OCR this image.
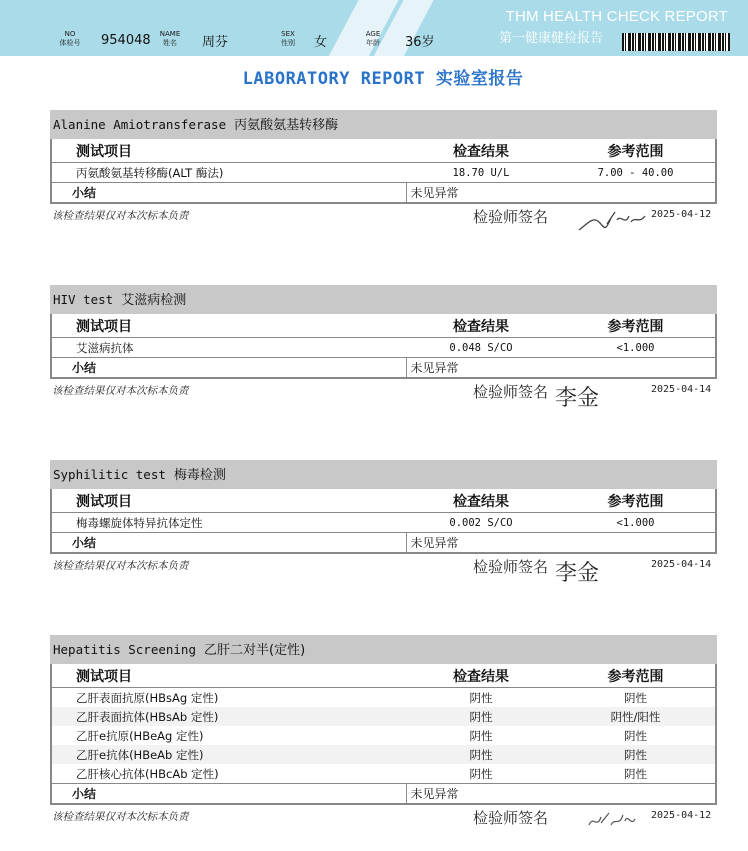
NO
体检号	954048	NAME
姓名	周芬
SEX
性别	女
AGE
年龄	36岁
THM HEALTH CHECK REPORT
第一健康健检报告
LABORATORY REPORT 实验室报告
Alanine Amiotransferase 丙氨酸氨基转移酶
测试项目	检查结果	参考范围
丙氨酸氨基转移酶(ALT 酶法)	18.70 U/L	7.00 - 40.00
小结	未见异常	
该检查结果仅对本次标本负责	检验师签名	2025-04-12
HIV test 艾滋病检测
测试项目	检查结果	参考范围
艾滋病抗体	0.048 S/CO	<1.000
小结	未见异常	
该检查结果仅对本次标本负责	检验师签名 李金	2025-04-14
Syphilitic test 梅毒检测
测试项目	检查结果	参考范围
梅毒螺旋体特异抗体定性	0.002 S/CO	<1.000
小结	未见异常	
该检查结果仅对本次标本负责	检验师签名 李金	2025-04-14
Hepatitis Screening 乙肝二对半(定性)
测试项目	检查结果	参考范围
乙肝表面抗原(HBsAg 定性)	阴性	阴性
乙肝表面抗体(HBsAb 定性)	阴性	阴性/阳性
乙肝e抗原(HBeAg 定性)	阴性	阴性
乙肝e抗体(HBeAb 定性)	阴性	阴性
乙肝核心抗体(HBcAb 定性)	阴性	阴性
小结	未见异常	
该检查结果仅对本次标本负责	检验师签名	2025-04-12
